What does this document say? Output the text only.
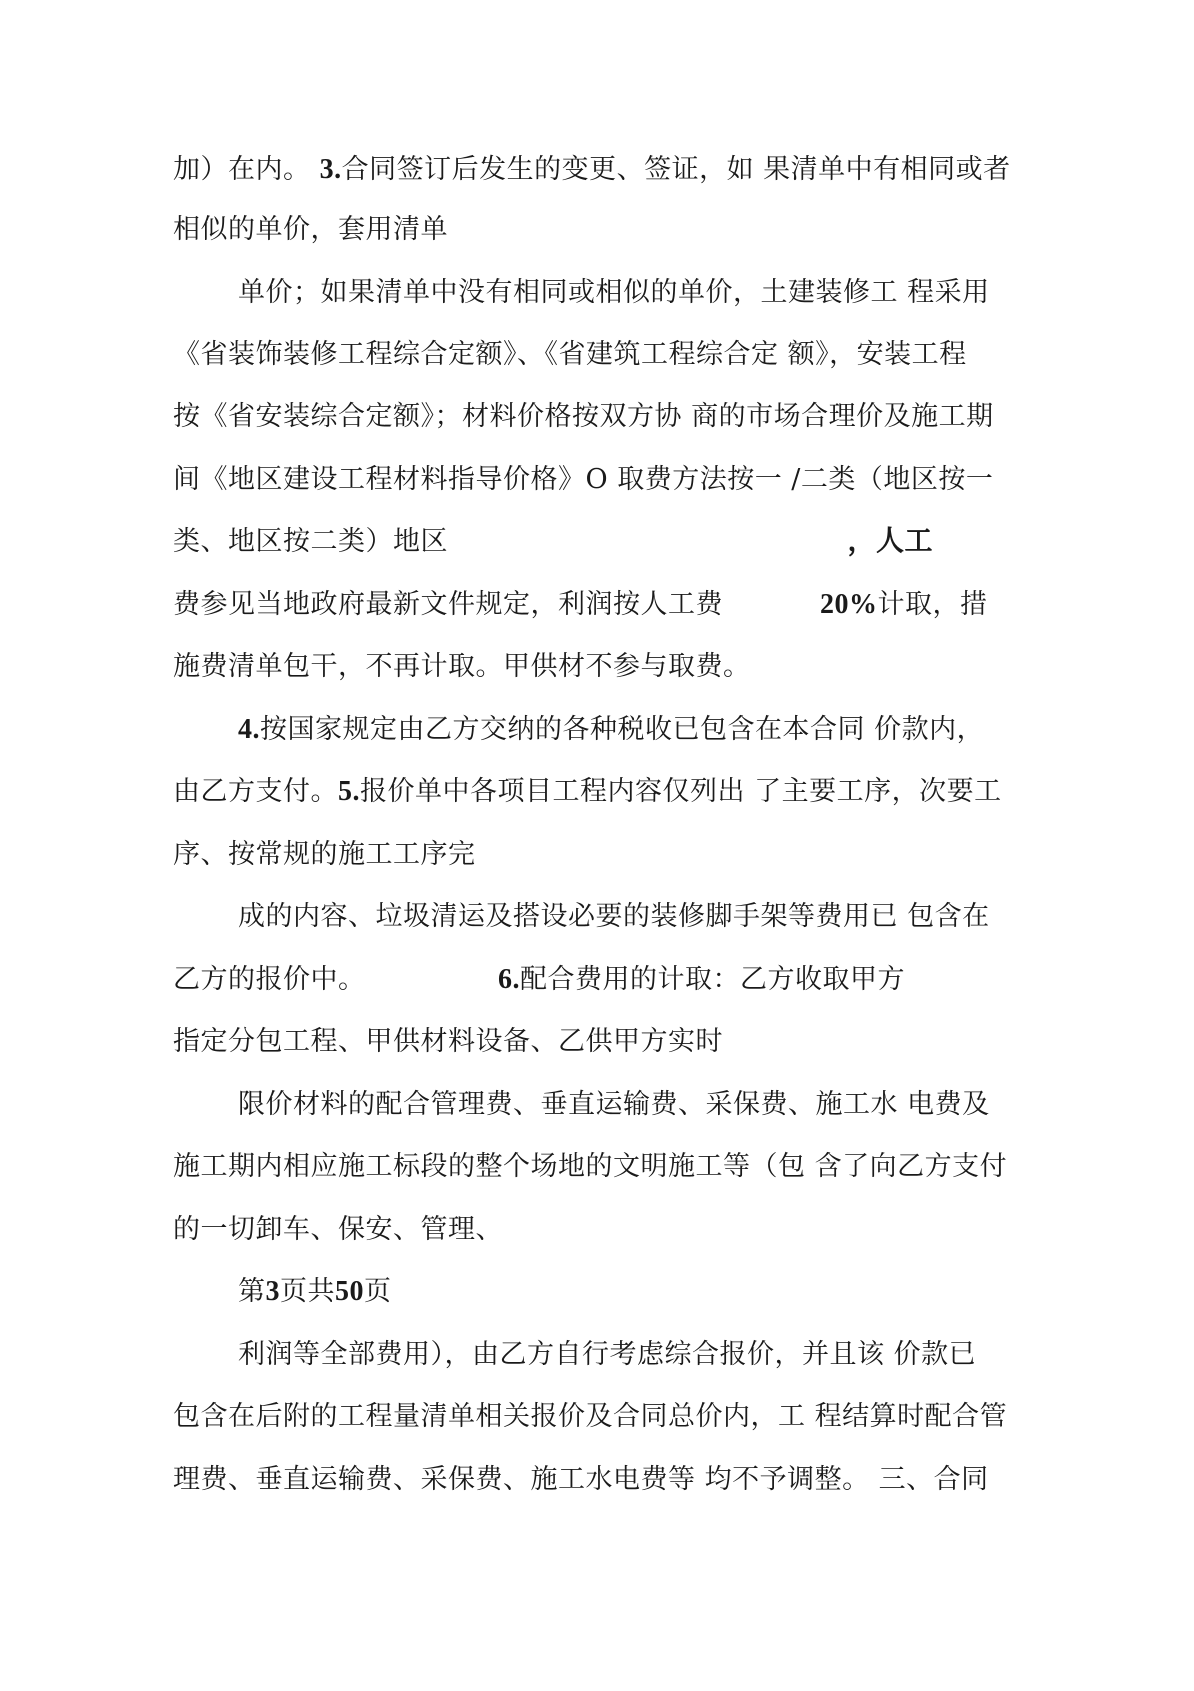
加）在内。 3.合同签订后发生的变更、签证，如 果清单中有相同或者
相似的单价，套用清单
单价；如果清单中没有相同或相似的单价，土建装修工 程采用
《省装饰装修工程综合定额》、《省建筑工程综合定 额》，安装工程
按《省安装综合定额》；材料价格按双方协 商的市场合理价及施工期
间《地区建设工程材料指导价格》O 取费方法按一 /二类（地区按一
类、地区按二类）地区	，人工
费参见当地政府最新文件规定，利润按人工费	20%计取，措
施费清单包干，不再计取。甲供材不参与取费。
4.按国家规定由乙方交纳的各种税收已包含在本合同 价款内，
由乙方支付。5.报价单中各项目工程内容仅列出 了主要工序，次要工
序、按常规的施工工序完
成的内容、垃圾清运及搭设必要的装修脚手架等费用已 包含在
乙方的报价中。	6.配合费用的计取：乙方收取甲方
指定分包工程、甲供材料设备、乙供甲方实时
限价材料的配合管理费、垂直运输费、采保费、施工水 电费及
施工期内相应施工标段的整个场地的文明施工等（包 含了向乙方支付
的一切卸车、保安、管理、
第3页共50页
利润等全部费用），由乙方自行考虑综合报价，并且该 价款已
包含在后附的工程量清单相关报价及合同总价内，工 程结算时配合管
理费、垂直运输费、采保费、施工水电费等 均不予调整。 三、合同
